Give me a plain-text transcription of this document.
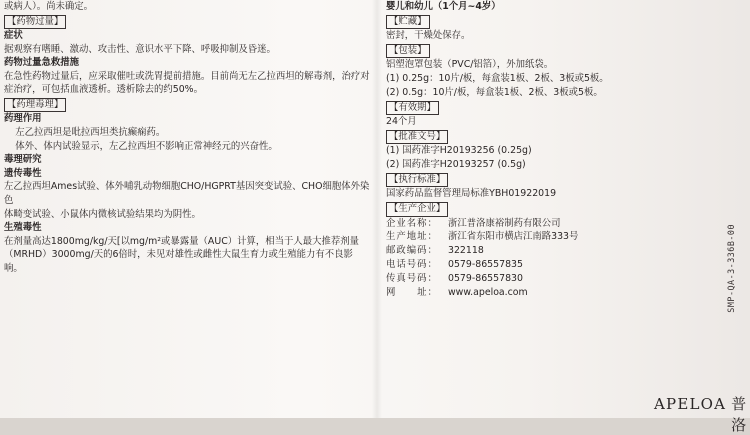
或病人）。尚未确定。

【药物过量】

症状

据观察有嗜睡、激动、攻击性、意识水平下降、呼吸抑制及昏迷。

药物过量急救措施

在急性药物过量后，应采取催吐或洗胃提前措施。目前尚无左乙拉西坦的解毒剂，治疗对

症治疗，可包括血液透析。透析除去的约50%。

【药理毒理】

药理作用

左乙拉西坦是吡拉西坦类抗癫痫药。

体外、体内试验显示，左乙拉西坦不影响正常神经元的兴奋性。

毒理研究

遗传毒性

左乙拉西坦Ames试验、体外哺乳动物细胞CHO/HGPRT基因突变试验、CHO细胞体外染色

体畸变试验、小鼠体内微核试验结果均为阴性。

生殖毒性

在剂量高达1800mg/kg/天[以mg/m²或暴露量（AUC）计算，相当于人最大推荐剂量

（MRHD）3000mg/天的6倍时，未见对雄性或雌性大鼠生育力或生殖能力有不良影响。

婴儿和幼儿（1个月~4岁）

【贮藏】

密封，干燥处保存。

【包装】

铝塑泡罩包装（PVC/铝箔），外加纸袋。

(1) 0.25g：10片/板，每盒装1板、2板、3板或5板。

(2) 0.5g：10片/板，每盒装1板、2板、3板或5板。

【有效期】

24个月

【批准文号】

(1) 国药准字H20193256 (0.25g)

(2) 国药准字H20193257 (0.5g)

【执行标准】

国家药品监督管理局标准YBH01922019

【生产企业】

企业名称：	浙江普洛康裕制药有限公司
生产地址：	浙江省东阳市横店江南路333号
邮政编码：	322118
电话号码：	0579-86557835
传真号码：	0579-86557830
网　　址：	www.apeloa.com	SMP-QA-3-336B-00
APELOA 普洛
